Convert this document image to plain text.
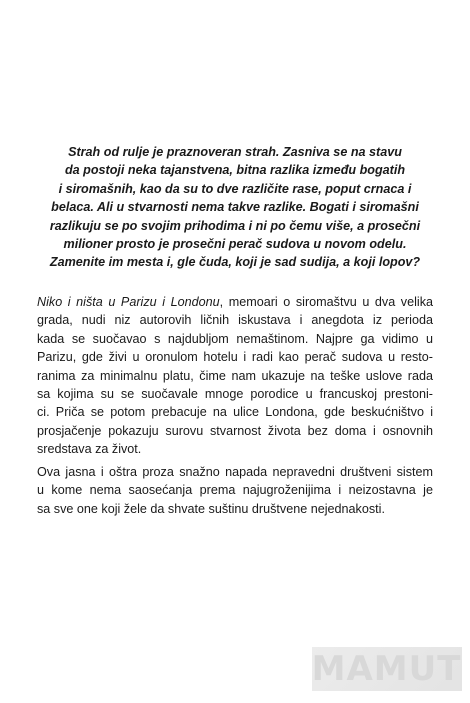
Strah od rulje je praznoveran strah. Zasniva se na stavu
da postoji neka tajanstvena, bitna razlika između bogatih
i siromašnih, kao da su to dve različite rase, poput crnaca i
belaca. Ali u stvarnosti nema takve razlike. Bogati i siromašni
razlikuju se po svojim prihodima i ni po čemu više, a prosečni
milioner prosto je prosečni perač sudova u novom odelu.
Zamenite im mesta i, gle čuda, koji je sad sudija, a koji lopov?
Niko i ništa u Parizu i Londonu, memoari o siromaštvu u dva velika
grada, nudi niz autorovih ličnih iskustava i anegdota iz perioda
kada se suočavao s najdubljom nemaštinom. Najpre ga vidimo u
Parizu, gde živi u oronulom hotelu i radi kao perač sudova u resto-
ranima za minimalnu platu, čime nam ukazuje na teške uslove rada
sa kojima su se suočavale mnoge porodice u francuskoj prestoni-
ci. Priča se potom prebacuje na ulice Londona, gde beskućništvo i
prosjačenje pokazuju surovu stvarnost života bez doma i osnovnih
sredstava za život.
Ova jasna i oštra proza snažno napada nepravedni društveni sistem
u kome nema saosećanja prema najugroženijima i neizostavna je
sa sve one koji žele da shvate suštinu društvene nejednakosti.
MAMUT
